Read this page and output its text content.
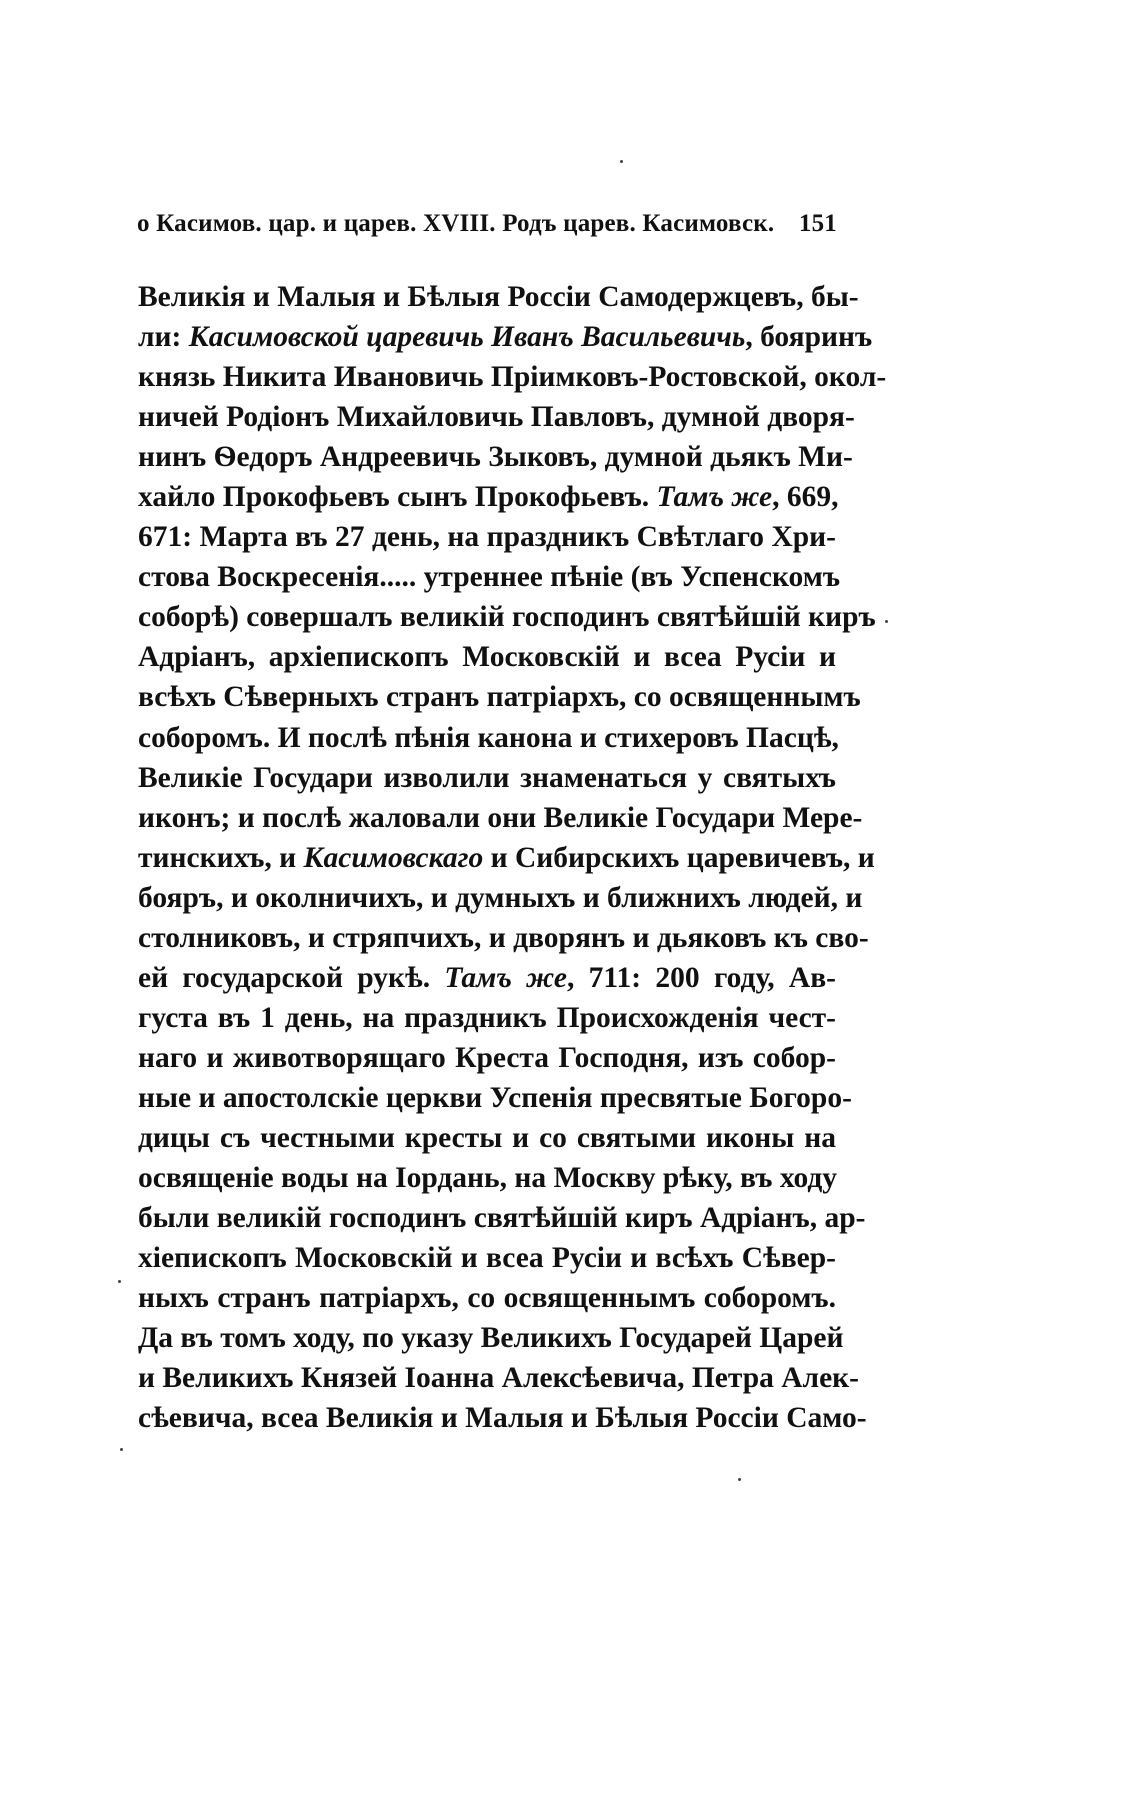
о Касимов. цар. и царев. XVIII. Родъ царев. Касимовск. 151
Великія и Малыя и Бѣлыя Россіи Самодержцевъ, бы-
ли: Касимовской царевичь Иванъ Васильевичь, бояринъ
князь Никита Ивановичь Пріимковъ-Ростовской, окол-
ничей Родіонъ Михайловичь Павловъ, думной дворя-
нинъ Ѳедоръ Андреевичь Зыковъ, думной дьякъ Ми-
хайло Прокофьевъ сынъ Прокофьевъ. Тамъ же, 669,
671: Марта въ 27 день, на праздникъ Свѣтлаго Хри-
стова Воскресенія..... утреннее пѣніе (въ Успенскомъ
соборѣ) совершалъ великій господинъ святѣйшій киръ
Адріанъ, архіепископъ Московскій и всеа Русіи и
всѣхъ Сѣверныхъ странъ патріархъ, со освященнымъ
соборомъ. И послѣ пѣнія канона и стихеровъ Пасцѣ,
Великіе Государи изволили знаменаться у святыхъ
иконъ; и послѣ жаловали они Великіе Государи Мере-
тинскихъ, и Касимовскаго и Сибирскихъ царевичевъ, и
бояръ, и околничихъ, и думныхъ и ближнихъ людей, и
столниковъ, и стряпчихъ, и дворянъ и дьяковъ къ сво-
ей государской рукѣ. Тамъ же, 711: 200 году, Ав-
густа въ 1 день, на праздникъ Происхожденія чест-
наго и животворящаго Креста Господня, изъ собор-
ные и апостолскіе церкви Успенія пресвятые Богоро-
дицы съ честными кресты и со святыми иконы на
освященіе воды на Іордань, на Москву рѣку, въ ходу
были великій господинъ святѣйшій киръ Адріанъ, ар-
хіепископъ Московскій и всеа Русіи и всѣхъ Сѣвер-
ныхъ странъ патріархъ, со освященнымъ соборомъ.
Да въ томъ ходу, по указу Великихъ Государей Царей
и Великихъ Князей Іоанна Алексѣевича, Петра Алек-
сѣевича, всеа Великія и Малыя и Бѣлыя Россіи Само-
